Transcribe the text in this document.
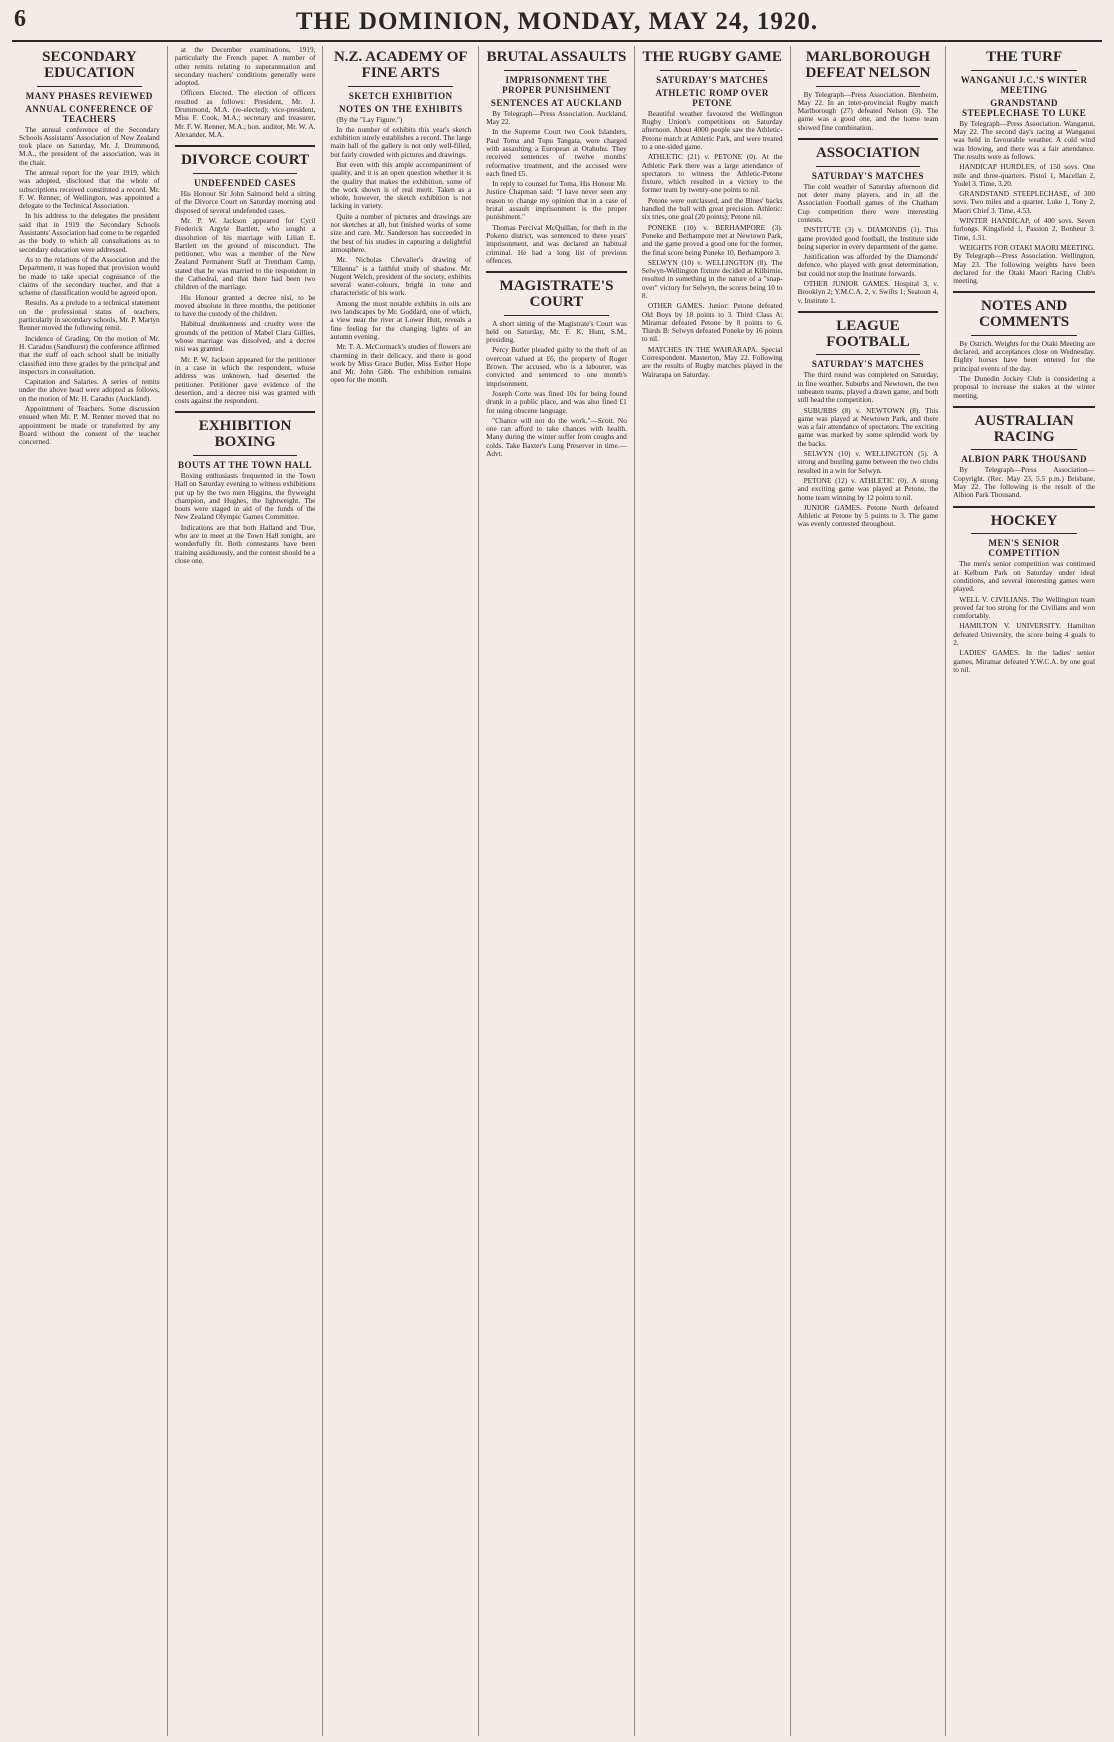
6	THE DOMINION, MONDAY, MAY 24, 1920.
SECONDARY EDUCATION
MANY PHASES REVIEWED
ANNUAL CONFERENCE OF TEACHERS

The annual conference of the Secondary Schools Assistants' Association of New Zealand took place on Saturday, Mr. J. Drummond, M.A., the president of the association, was in the chair.

The annual report for the year 1919, which was adopted, disclosed that the whole of subscriptions received constituted a record. Mr. F. W. Renner, of Wellington, was appointed a delegate to the Technical Association.

In his address to the delegates the president said that in 1919 the Secondary Schools Assistants' Association had come to be regarded as the body to which all consultations as to secondary education were addressed.

As to the relations of the Association and the Department, it was hoped that provision would be made to take special cognisance of the claims of the secondary teacher, and that a scheme of classification would be agreed upon.

Results. As a prelude to a technical statement on the professional status of teachers, particularly in secondary schools, Mr. P. Martyn Renner moved the following remit.

Incidence of Grading. On the motion of Mr. H. Caradus (Sandhurst) the conference affirmed that the staff of each school shall be initially classified into three grades by the principal and inspectors in consultation.

Capitation and Salaries. A series of remits under the above head were adopted as follows, on the motion of Mr. H. Caradus (Auckland).

Appointment of Teachers. Some discussion ensued when Mr. P. M. Renner moved that no appointment be made or transferred by any Board without the consent of the teacher concerned.

at the December examinations, 1919, particularly the French paper. A number of other remits relating to superannuation and secondary teachers' conditions generally were adopted.

Officers Elected. The election of officers resulted as follows: President, Mr. J. Drummond, M.A. (re-elected); vice-president, Miss F. Cook, M.A.; secretary and treasurer, Mr. F. W. Renner, M.A.; hon. auditor, Mr. W. A. Alexander, M.A.

DIVORCE COURT
UNDEFENDED CASES

His Honour Sir John Salmond held a sitting of the Divorce Court on Saturday morning and disposed of several undefended cases.

Mr. P. W. Jackson appeared for Cyril Frederick Argyle Bartlett, who sought a dissolution of his marriage with Lilian E. Bartlett on the ground of misconduct. The petitioner, who was a member of the New Zealand Permanent Staff at Trentham Camp, stated that he was married to the respondent in the Cathedral, and that there had been two children of the marriage.

His Honour granted a decree nisi, to be moved absolute in three months, the petitioner to have the custody of the children.

Habitual drunkenness and cruelty were the grounds of the petition of Mabel Clara Gillies, whose marriage was dissolved, and a decree nisi was granted.

Mr. P. W. Jackson appeared for the petitioner in a case in which the respondent, whose address was unknown, had deserted the petitioner. Petitioner gave evidence of the desertion, and a decree nisi was granted with costs against the respondent.

EXHIBITION BOXING
BOUTS AT THE TOWN HALL

Boxing enthusiasts frequented in the Town Hall on Saturday evening to witness exhibitions put up by the two men Higgins, the flyweight champion, and Hughes, the lightweight. The bouts were staged in aid of the funds of the New Zealand Olympic Games Committee.

Indications are that both Halland and True, who are to meet at the Town Hall tonight, are wonderfully fit. Both contestants have been training assiduously, and the contest should be a close one.

N.Z. ACADEMY OF FINE ARTS
SKETCH EXHIBITION
NOTES ON THE EXHIBITS

(By the "Lay Figure.")

In the number of exhibits this year's sketch exhibition surely establishes a record. The large main hall of the gallery is not only well-filled, but fairly crowded with pictures and drawings.

But even with this ample accompaniment of quality, and it is an open question whether it is the quality that makes the exhibition, some of the work shown is of real merit. Taken as a whole, however, the sketch exhibition is not lacking in variety.

Quite a number of pictures and drawings are not sketches at all, but finished works of some size and care. Mr. Sanderson has succeeded in the best of his studies in capturing a delightful atmosphere.

Mr. Nicholas Chevalier's drawing of "Ellenna" is a faithful study of shadow. Mr. Nugent Welch, president of the society, exhibits several water-colours, bright in tone and characteristic of his work.

Among the most notable exhibits in oils are two landscapes by Mr. Goddard, one of which, a view near the river at Lower Hutt, reveals a fine feeling for the changing lights of an autumn evening.

Mr. T. A. McCormack's studies of flowers are charming in their delicacy, and there is good work by Miss Grace Butler, Miss Esther Hope and Mr. John Gibb. The exhibition remains open for the month.

BRUTAL ASSAULTS
IMPRISONMENT THE PROPER PUNISHMENT
SENTENCES AT AUCKLAND

By Telegraph—Press Association. Auckland, May 22.

In the Supreme Court two Cook Islanders, Paul Toma and Tupu Tangata, were charged with assaulting a European at Otahuhu. They received sentences of twelve months' reformative treatment, and the accused were each fined £5.

In reply to counsel for Toma, His Honour Mr. Justice Chapman said: "I have never seen any reason to change my opinion that in a case of brutal assault imprisonment is the proper punishment."

Thomas Percival McQuillan, for theft in the Pokeno district, was sentenced to three years' imprisonment, and was declared an habitual criminal. He had a long list of previous offences.

MAGISTRATE'S COURT

A short sitting of the Magistrate's Court was held on Saturday, Mr. F. K. Hunt, S.M., presiding.

Percy Butler pleaded guilty to the theft of an overcoat valued at £6, the property of Roger Brown. The accused, who is a labourer, was convicted and sentenced to one month's imprisonment.

Joseph Corte was fined 10s for being found drunk in a public place, and was also fined £1 for using obscene language.

"Chance will not do the work."—Scott. No one can afford to take chances with health. Many during the winter suffer from coughs and colds. Take Baxter's Lung Preserver in time.—Advt.

THE RUGBY GAME
SATURDAY'S MATCHES
ATHLETIC ROMP OVER PETONE

Beautiful weather favoured the Wellington Rugby Union's competitions on Saturday afternoon. About 4000 people saw the Athletic-Petone match at Athletic Park, and were treated to a one-sided game.

ATHLETIC (21) v. PETONE (0). At the Athletic Park there was a large attendance of spectators to witness the Athletic-Petone fixture, which resulted in a victory to the former team by twenty-one points to nil.

Petone were outclassed, and the Blues' backs handled the ball with great precision. Athletic: six tries, one goal (20 points); Petone nil.

PONEKE (10) v. BERHAMPORE (3). Poneke and Berhampore met at Newtown Park, and the game proved a good one for the former, the final score being Poneke 10, Berhampore 3.

SELWYN (10) v. WELLINGTON (8). The Selwyn-Wellington fixture decided at Kilbirnie, resulted in something in the nature of a "snap-over" victory for Selwyn, the scores being 10 to 8.

OTHER GAMES. Junior: Petone defeated Old Boys by 18 points to 3. Third Class A: Miramar defeated Petone by 8 points to 6. Thirds B: Selwyn defeated Poneke by 16 points to nil.

MATCHES IN THE WAIRARAPA. Special Correspondent. Masterton, May 22. Following are the results of Rugby matches played in the Wairarapa on Saturday.

MARLBOROUGH DEFEAT NELSON

By Telegraph—Press Association. Blenheim, May 22. In an inter-provincial Rugby match Marlborough (27) defeated Nelson (3). The game was a good one, and the home team showed fine combination.

ASSOCIATION
SATURDAY'S MATCHES

The cold weather of Saturday afternoon did not deter many players, and in all the Association Football games of the Chatham Cup competition there were interesting contests.

INSTITUTE (3) v. DIAMONDS (1). This game provided good football, the Institute side being superior in every department of the game.

Justification was afforded by the Diamonds' defence, who played with great determination, but could not stop the Institute forwards.

OTHER JUNIOR GAMES. Hospital 3, v. Brooklyn 2; Y.M.C.A. 2, v. Swifts 1; Seatoun 4, v. Institute 1.

LEAGUE FOOTBALL
SATURDAY'S MATCHES

The third round was completed on Saturday, in fine weather. Suburbs and Newtown, the two unbeaten teams, played a drawn game, and both still head the competition.

SUBURBS (8) v. NEWTOWN (8). This game was played at Newtown Park, and there was a fair attendance of spectators. The exciting game was marked by some splendid work by the backs.

SELWYN (10) v. WELLINGTON (5). A strong and bustling game between the two clubs resulted in a win for Selwyn.

PETONE (12) v. ATHLETIC (0). A strong and exciting game was played at Petone, the home team winning by 12 points to nil.

JUNIOR GAMES. Petone North defeated Athletic at Petone by 5 points to 3. The game was evenly contested throughout.

THE TURF
WANGANUI J.C.'S WINTER MEETING
GRANDSTAND STEEPLECHASE TO LUKE

By Telegraph—Press Association. Wanganui, May 22. The second day's racing at Wanganui was held in favourable weather. A cold wind was blowing, and there was a fair attendance. The results were as follows.

HANDICAP HURDLES, of 150 sovs. One mile and three-quarters. Pistol 1, Macellan 2, Yodel 3. Time, 3.20.

GRANDSTAND STEEPLECHASE, of 300 sovs. Two miles and a quarter. Luke 1, Tony 2, Maori Chief 3. Time, 4.53.

WINTER HANDICAP, of 400 sovs. Seven furlongs. Kingsfield 1, Passion 2, Bonheur 3. Time, 1.31.

WEIGHTS FOR OTAKI MAORI MEETING. By Telegraph—Press Association. Wellington, May 23. The following weights have been declared for the Otaki Maori Racing Club's meeting.

NOTES AND COMMENTS

By Ostrich. Weights for the Otaki Meeting are declared, and acceptances close on Wednesday. Eighty horses have been entered for the principal events of the day.

The Dunedin Jockey Club is considering a proposal to increase the stakes at the winter meeting.

AUSTRALIAN RACING
ALBION PARK THOUSAND

By Telegraph—Press Association—Copyright. (Rec. May 23, 5.5 p.m.) Brisbane, May 22. The following is the result of the Albion Park Thousand.

HOCKEY
MEN'S SENIOR COMPETITION

The men's senior competition was continued at Kelburn Park on Saturday under ideal conditions, and several interesting games were played.

WELL V. CIVILIANS. The Wellington team proved far too strong for the Civilians and won comfortably.

HAMILTON V. UNIVERSITY. Hamilton defeated University, the score being 4 goals to 2.

LADIES' GAMES. In the ladies' senior games, Miramar defeated Y.W.C.A. by one goal to nil.
